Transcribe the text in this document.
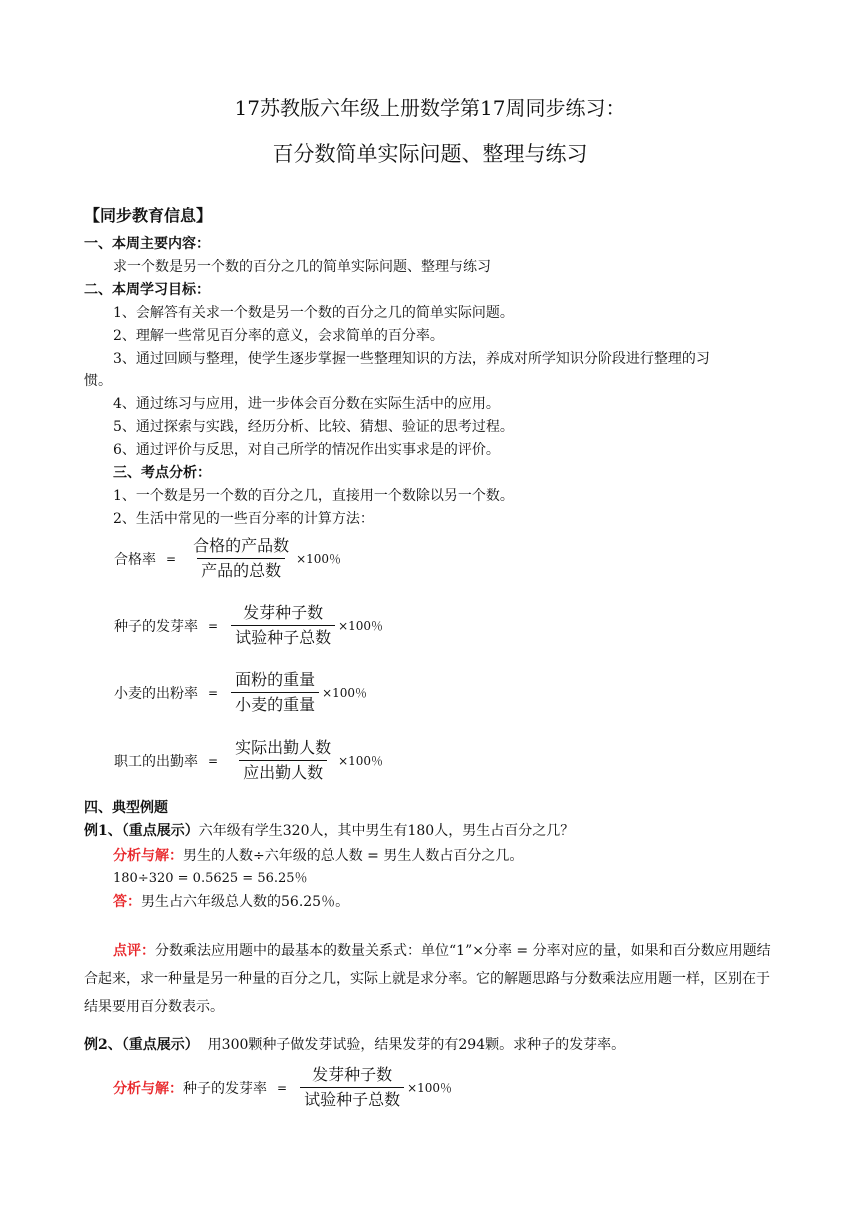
17苏教版六年级上册数学第17周同步练习：
百分数简单实际问题、整理与练习
【同步教育信息】
一、本周主要内容：
求一个数是另一个数的百分之几的简单实际问题、整理与练习
二、本周学习目标：
1、会解答有关求一个数是另一个数的百分之几的简单实际问题。
2、理解一些常见百分率的意义，会求简单的百分率。
3、通过回顾与整理，使学生逐步掌握一些整理知识的方法，养成对所学知识分阶段进行整理的习
惯。
4、通过练习与应用，进一步体会百分数在实际生活中的应用。
5、通过探索与实践，经历分析、比较、猜想、验证的思考过程。
6、通过评价与反思，对自己所学的情况作出实事求是的评价。
三、考点分析：
1、一个数是另一个数的百分之几，直接用一个数除以另一个数。
2、生活中常见的一些百分率的计算方法：
合格率 = $\frac{\text{合格的产品数}}{\text{产品的总数}} \times 100$％
种子的发芽率 = $\frac{\text{发芽种子数}}{\text{试验种子总数}} \times 100$％
小麦的出粉率 = $\frac{\text{面粉的重量}}{\text{小麦的重量}} \times 100$％
职工的出勤率 = $\frac{\text{实际出勤人数}}{\text{应出勤人数}} \times 100$％
四、典型例题
例1、（重点展示）六年级有学生320人，其中男生有180人，男生占百分之几？
分析与解：男生的人数÷六年级的总人数 = 男生人数占百分之几。
180÷320 = 0.5625 = 56.25％
答：男生占六年级总人数的56.25％。
点评：分数乘法应用题中的最基本的数量关系式：单位“1”×分率 = 分率对应的量，如果和百分数应用题结合起来，求一种量是另一种量的百分之几，实际上就是求分率。它的解题思路与分数乘法应用题一样，区别在于结果要用百分数表示。
例2、（重点展示） 用300颗种子做发芽试验，结果发芽的有294颗。求种子的发芽率。
分析与解： 种子的发芽率 = $\frac{\text{发芽种子数}}{\text{试验种子总数}} \times 100$％
